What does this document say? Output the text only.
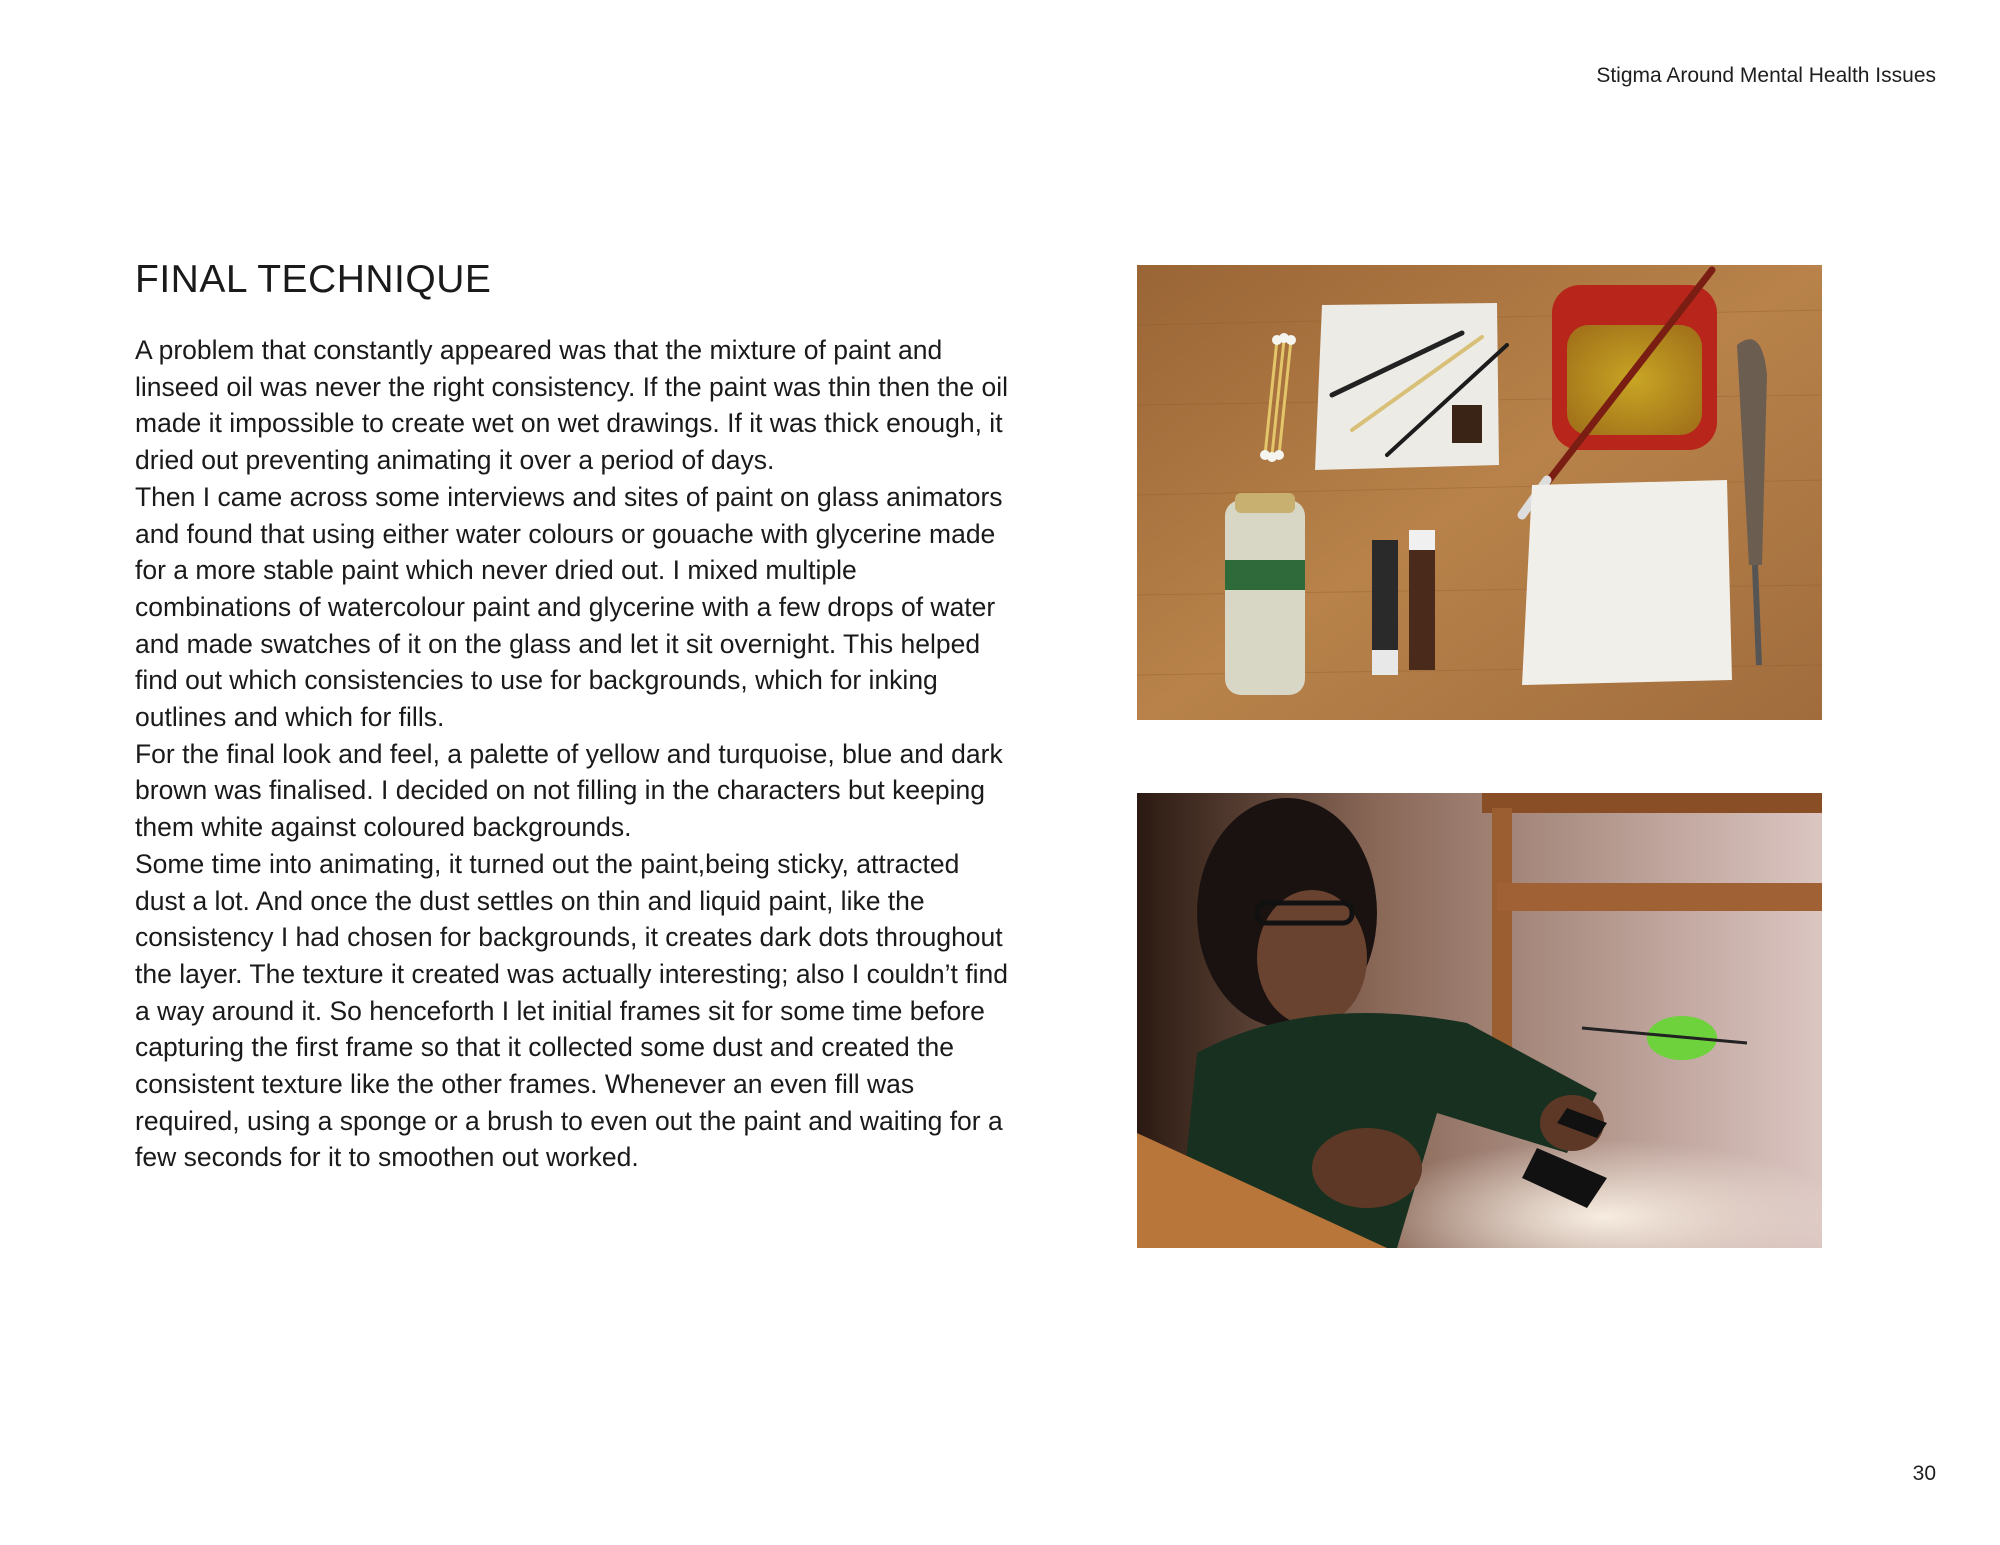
Stigma Around Mental Health Issues
FINAL TECHNIQUE

A problem that constantly appeared was that the mixture of paint and linseed oil was never the right consistency. If the paint was thin then the oil made it impossible to create wet on wet drawings. If it was thick enough, it dried out preventing animating it over a period of days.

Then I came across some interviews and sites of paint on glass animators and found that using either water colours or gouache with glycerine made for a more stable paint which never dried out. I mixed multiple combinations of watercolour paint and glycerine with a few drops of water and made swatches of it on the glass and let it sit overnight. This helped find out which consistencies to use for backgrounds, which for inking outlines and which for fills.

For the final look and feel, a palette of yellow and turquoise, blue and dark brown was finalised. I decided on not filling in the characters but keeping them white against coloured backgrounds.

Some time into animating, it turned out the paint,being sticky, attracted dust a lot. And once the dust settles on thin and liquid paint, like the consistency I had chosen for backgrounds, it creates dark dots throughout the layer. The texture it created was actually interesting; also I couldn’t find a way around it. So henceforth I let initial frames sit for some time before capturing the first frame so that it collected some dust and created the consistent texture like the other frames. Whenever an even fill was required, using a sponge or a brush to even out the paint and waiting for a few seconds for it to smoothen out worked.

30
